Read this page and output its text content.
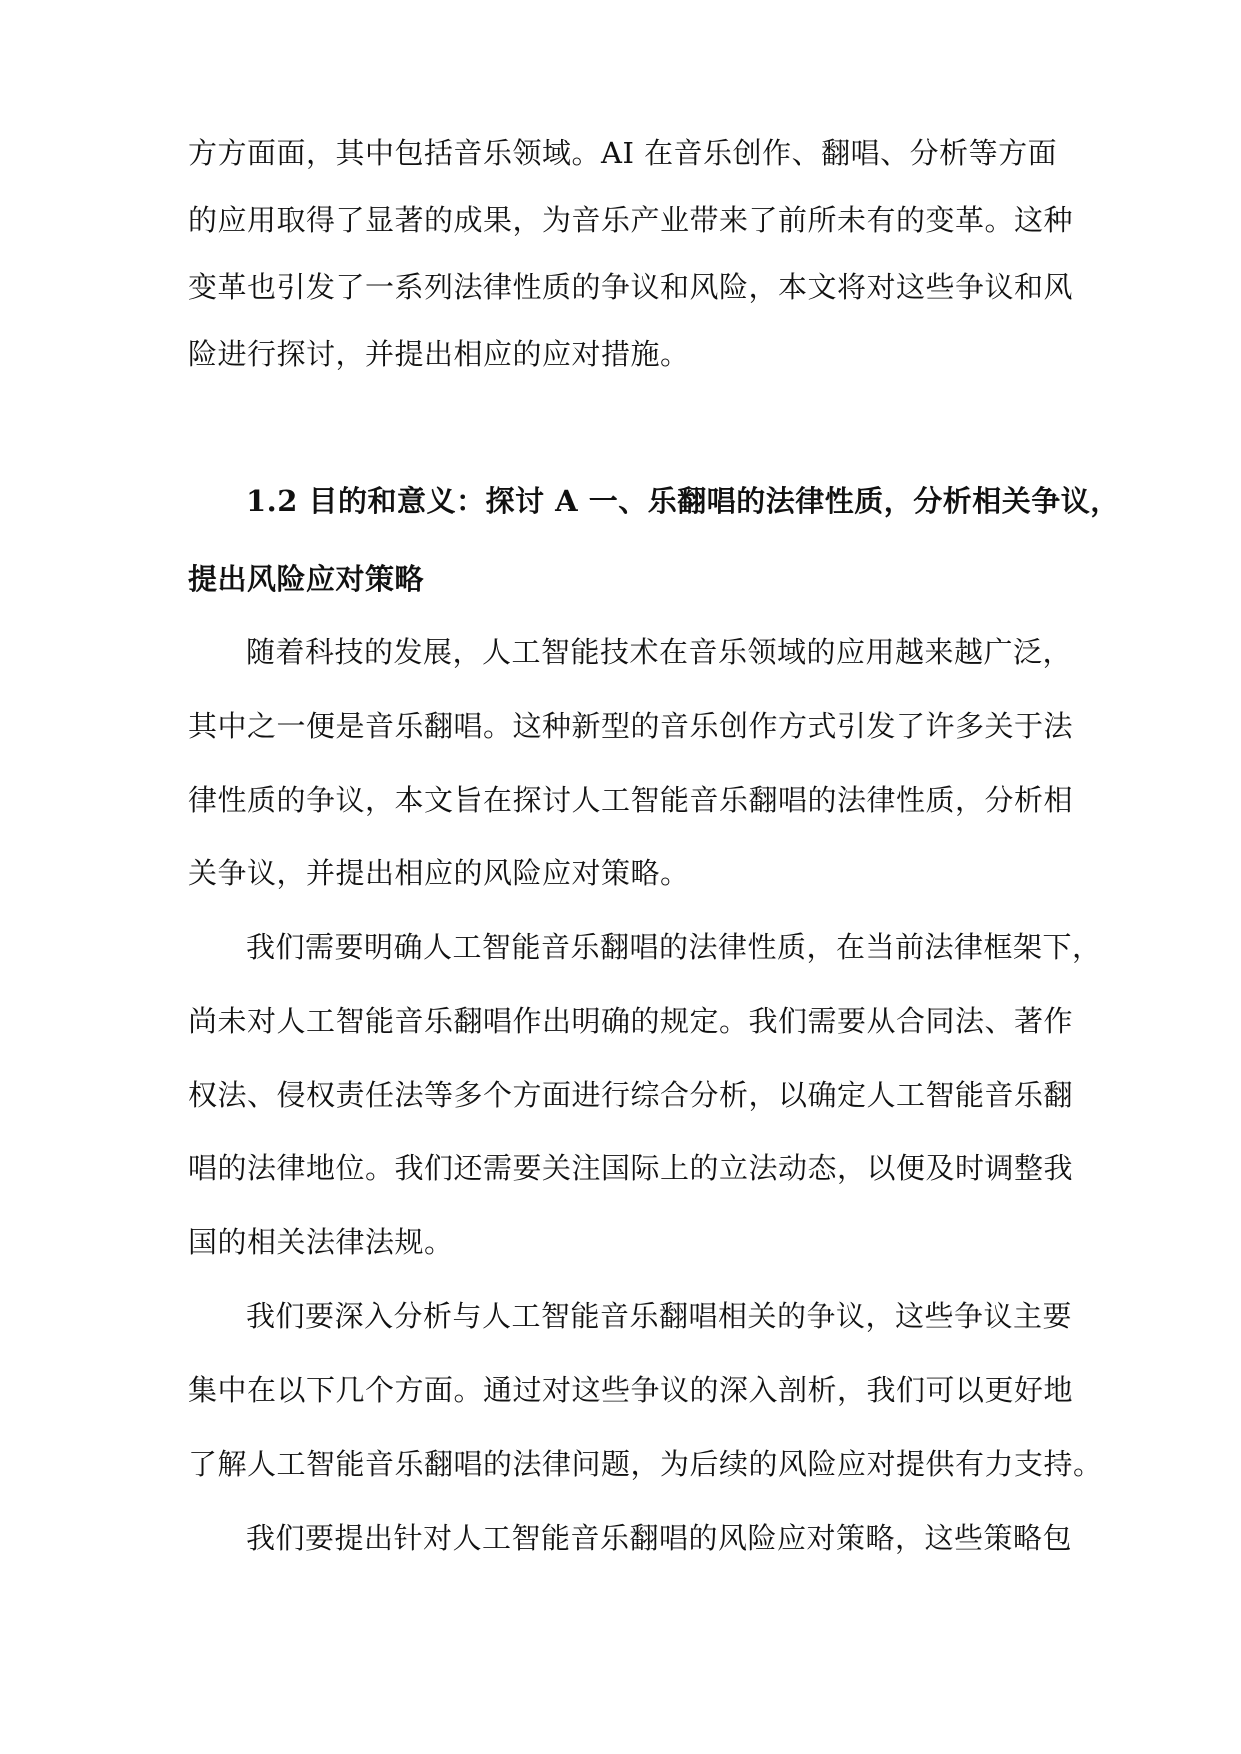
方方面面，其中包括音乐领域。AI 在音乐创作、翻唱、分析等方面
的应用取得了显著的成果，为音乐产业带来了前所未有的变革。这种
变革也引发了一系列法律性质的争议和风险，本文将对这些争议和风
险进行探讨，并提出相应的应对措施。
1.2 目的和意义：探讨 A 一、乐翻唱的法律性质，分析相关争议，
提出风险应对策略
随着科技的发展，人工智能技术在音乐领域的应用越来越广泛，
其中之一便是音乐翻唱。这种新型的音乐创作方式引发了许多关于法
律性质的争议，本文旨在探讨人工智能音乐翻唱的法律性质，分析相
关争议，并提出相应的风险应对策略。
我们需要明确人工智能音乐翻唱的法律性质，在当前法律框架下，
尚未对人工智能音乐翻唱作出明确的规定。我们需要从合同法、著作
权法、侵权责任法等多个方面进行综合分析，以确定人工智能音乐翻
唱的法律地位。我们还需要关注国际上的立法动态，以便及时调整我
国的相关法律法规。
我们要深入分析与人工智能音乐翻唱相关的争议，这些争议主要
集中在以下几个方面。通过对这些争议的深入剖析，我们可以更好地
了解人工智能音乐翻唱的法律问题，为后续的风险应对提供有力支持。
我们要提出针对人工智能音乐翻唱的风险应对策略，这些策略包
